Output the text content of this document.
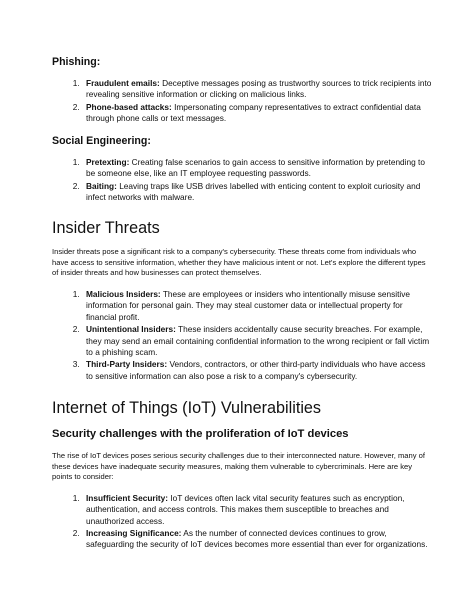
Phishing:
1. Fraudulent emails: Deceptive messages posing as trustworthy sources to trick recipients into revealing sensitive information or clicking on malicious links.
2. Phone-based attacks: Impersonating company representatives to extract confidential data through phone calls or text messages.
Social Engineering:
1. Pretexting: Creating false scenarios to gain access to sensitive information by pretending to be someone else, like an IT employee requesting passwords.
2. Baiting: Leaving traps like USB drives labelled with enticing content to exploit curiosity and infect networks with malware.
Insider Threats

Insider threats pose a significant risk to a company's cybersecurity. These threats come from individuals who have access to sensitive information, whether they have malicious intent or not. Let's explore the different types of insider threats and how businesses can protect themselves.

1. Malicious Insiders: These are employees or insiders who intentionally misuse sensitive information for personal gain. They may steal customer data or intellectual property for financial profit.
2. Unintentional Insiders: These insiders accidentally cause security breaches. For example, they may send an email containing confidential information to the wrong recipient or fall victim to a phishing scam.
3. Third-Party Insiders: Vendors, contractors, or other third-party individuals who have access to sensitive information can also pose a risk to a company's cybersecurity.
Internet of Things (IoT) Vulnerabilities
Security challenges with the proliferation of IoT devices

The rise of IoT devices poses serious security challenges due to their interconnected nature. However, many of these devices have inadequate security measures, making them vulnerable to cybercriminals. Here are key points to consider:

1. Insufficient Security: IoT devices often lack vital security features such as encryption, authentication, and access controls. This makes them susceptible to breaches and unauthorized access.
2. Increasing Significance: As the number of connected devices continues to grow, safeguarding the security of IoT devices becomes more essential than ever for organizations.
